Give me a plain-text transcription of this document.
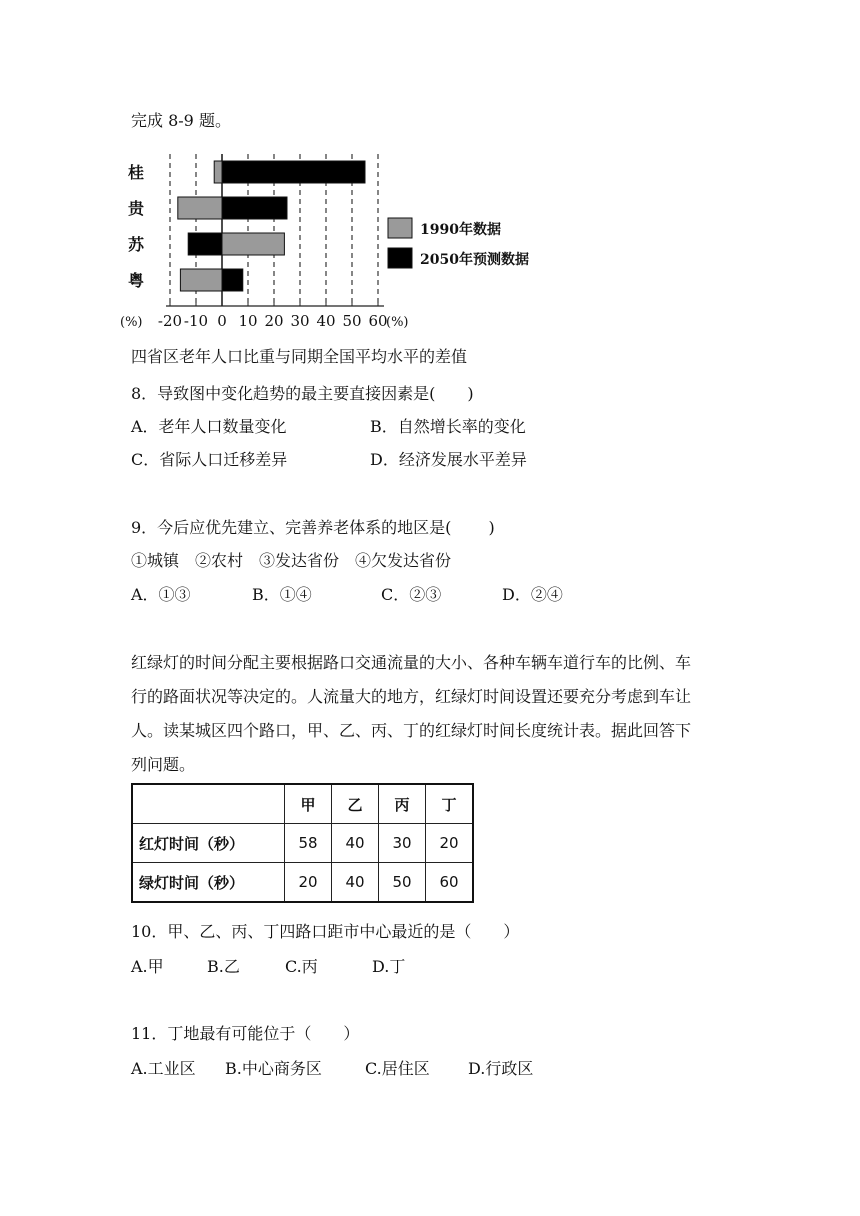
完成 8-9 题。
桂
贵
苏
粤
-20 -10 0 10 20 30 40 50 60
(%)	(%)
1990年数据
2050年预测数据
四省区老年人口比重与同期全国平均水平的差值
8．导致图中变化趋势的最主要直接因素是(　　)
A．老年人口数量变化	B．自然增长率的变化
C．省际人口迁移差异	D．经济发展水平差异
9．今后应优先建立、完善养老体系的地区是(　　 )
①城镇　②农村　③发达省份　④欠发达省份
A．①③	B．①④	C．②③	D．②④
红绿灯的时间分配主要根据路口交通流量的大小、各种车辆车道行车的比例、车
行的路面状况等决定的。人流量大的地方，红绿灯时间设置还要充分考虑到车让
人。读某城区四个路口，甲、乙、丙、丁的红绿灯时间长度统计表。据此回答下
列问题。
	甲	乙	丙	丁
红灯时间（秒）	58	40	30	20
绿灯时间（秒）	20	40	50	60
10．甲、乙、丙、丁四路口距市中心最近的是（　　）
A.甲	B.乙	C.丙	D.丁
11．丁地最有可能位于（　　）
A.工业区 B.中心商务区	C.居住区 D.行政区
